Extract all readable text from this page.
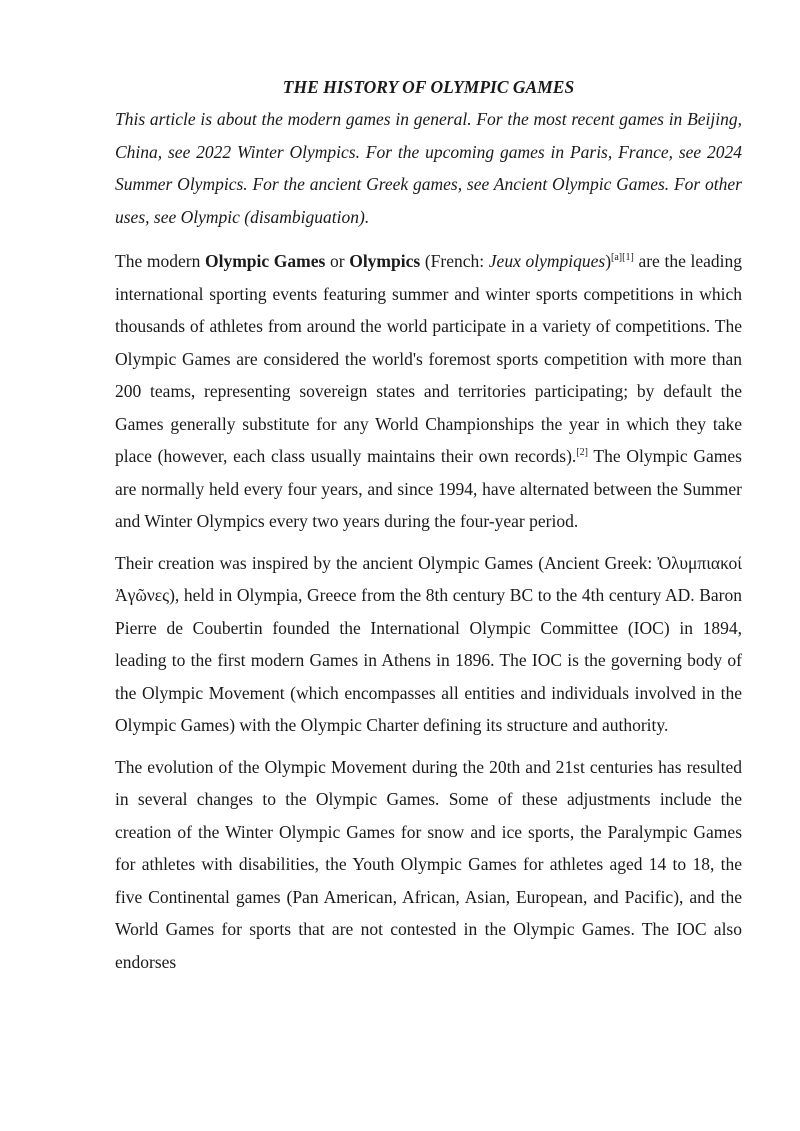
THE HISTORY OF OLYMPIC GAMES

This article is about the modern games in general. For the most recent games in Beijing, China, see 2022 Winter Olympics. For the upcoming games in Paris, France, see 2024 Summer Olympics. For the ancient Greek games, see Ancient Olympic Games. For other uses, see Olympic (disambiguation).

The modern Olympic Games or Olympics (French: Jeux olympiques)[a][1] are the leading international sporting events featuring summer and winter sports competitions in which thousands of athletes from around the world participate in a variety of competitions. The Olympic Games are considered the world's foremost sports competition with more than 200 teams, representing sovereign states and territories participating; by default the Games generally substitute for any World Championships the year in which they take place (however, each class usually maintains their own records).[2] The Olympic Games are normally held every four years, and since 1994, have alternated between the Summer and Winter Olympics every two years during the four-year period.

Their creation was inspired by the ancient Olympic Games (Ancient Greek: Ὀλυμπιακοί Ἀγῶνες), held in Olympia, Greece from the 8th century BC to the 4th century AD. Baron Pierre de Coubertin founded the International Olympic Committee (IOC) in 1894, leading to the first modern Games in Athens in 1896. The IOC is the governing body of the Olympic Movement (which encompasses all entities and individuals involved in the Olympic Games) with the Olympic Charter defining its structure and authority.

The evolution of the Olympic Movement during the 20th and 21st centuries has resulted in several changes to the Olympic Games. Some of these adjustments include the creation of the Winter Olympic Games for snow and ice sports, the Paralympic Games for athletes with disabilities, the Youth Olympic Games for athletes aged 14 to 18, the five Continental games (Pan American, African, Asian, European, and Pacific), and the World Games for sports that are not contested in the Olympic Games. The IOC also endorses
